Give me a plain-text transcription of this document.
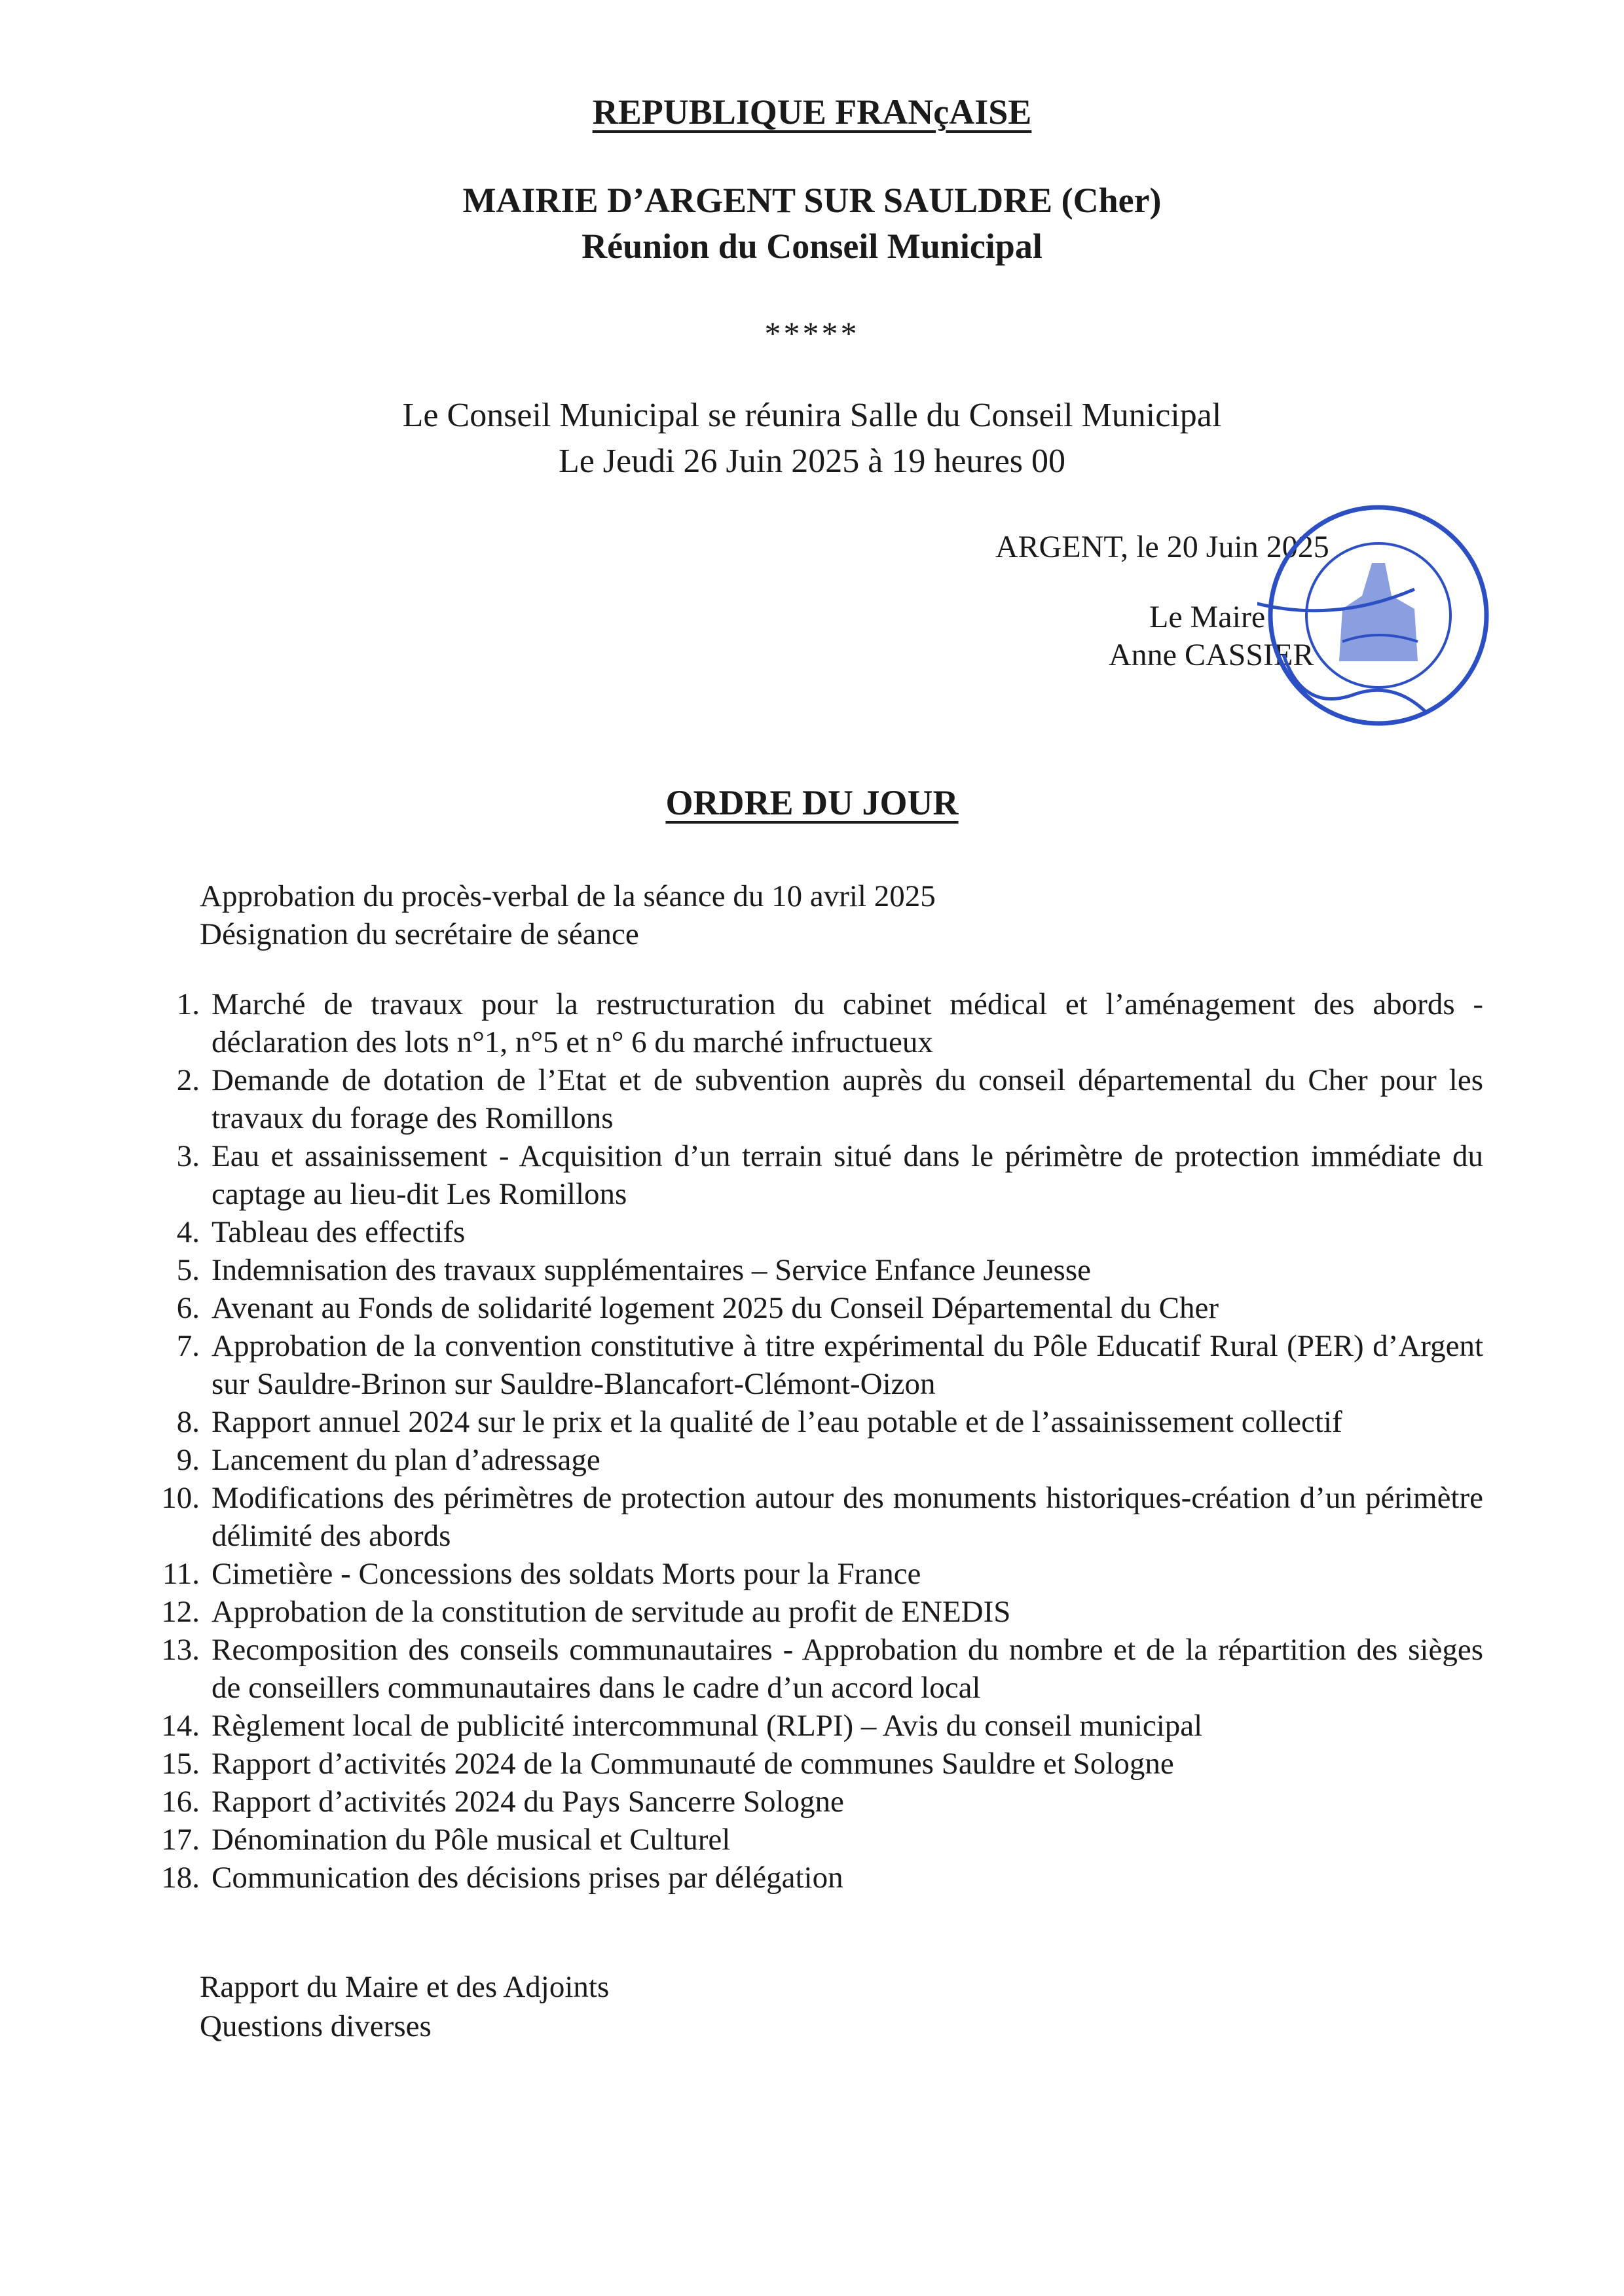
REPUBLIQUE FRANçAISE
MAIRIE D’ARGENT SUR SAULDRE (Cher)
Réunion du Conseil Municipal
*****
Le Conseil Municipal se réunira Salle du Conseil Municipal
Le Jeudi 26 Juin 2025 à 19 heures 00
ARGENT, le 20 Juin 2025
Le Maire
Anne CASSIER
ORDRE DU JOUR
Approbation du procès-verbal de la séance du 10 avril 2025
Désignation du secrétaire de séance
1. Marché de travaux pour la restructuration du cabinet médical et l’aménagement des abords - déclaration des lots n°1, n°5 et n° 6 du marché infructueux
2. Demande de dotation de l’Etat et de subvention auprès du conseil départemental du Cher pour les travaux du forage des Romillons
3. Eau et assainissement - Acquisition d’un terrain situé dans le périmètre de protection immédiate du captage au lieu-dit Les Romillons
4. Tableau des effectifs
5. Indemnisation des travaux supplémentaires – Service Enfance Jeunesse
6. Avenant au Fonds de solidarité logement 2025 du Conseil Départemental du Cher
7. Approbation de la convention constitutive à titre expérimental du Pôle Educatif Rural (PER) d’Argent sur Sauldre-Brinon sur Sauldre-Blancafort-Clémont-Oizon
8. Rapport annuel 2024 sur le prix et la qualité de l’eau potable et de l’assainissement collectif
9. Lancement du plan d’adressage
10. Modifications des périmètres de protection autour des monuments historiques-création d’un périmètre délimité des abords
11. Cimetière - Concessions des soldats Morts pour la France
12. Approbation de la constitution de servitude au profit de ENEDIS
13. Recomposition des conseils communautaires - Approbation du nombre et de la répartition des sièges de conseillers communautaires dans le cadre d’un accord local
14. Règlement local de publicité intercommunal (RLPI) – Avis du conseil municipal
15. Rapport d’activités 2024 de la Communauté de communes Sauldre et Sologne
16. Rapport d’activités 2024 du Pays Sancerre Sologne
17. Dénomination du Pôle musical et Culturel
18. Communication des décisions prises par délégation
Rapport du Maire et des Adjoints
Questions diverses
